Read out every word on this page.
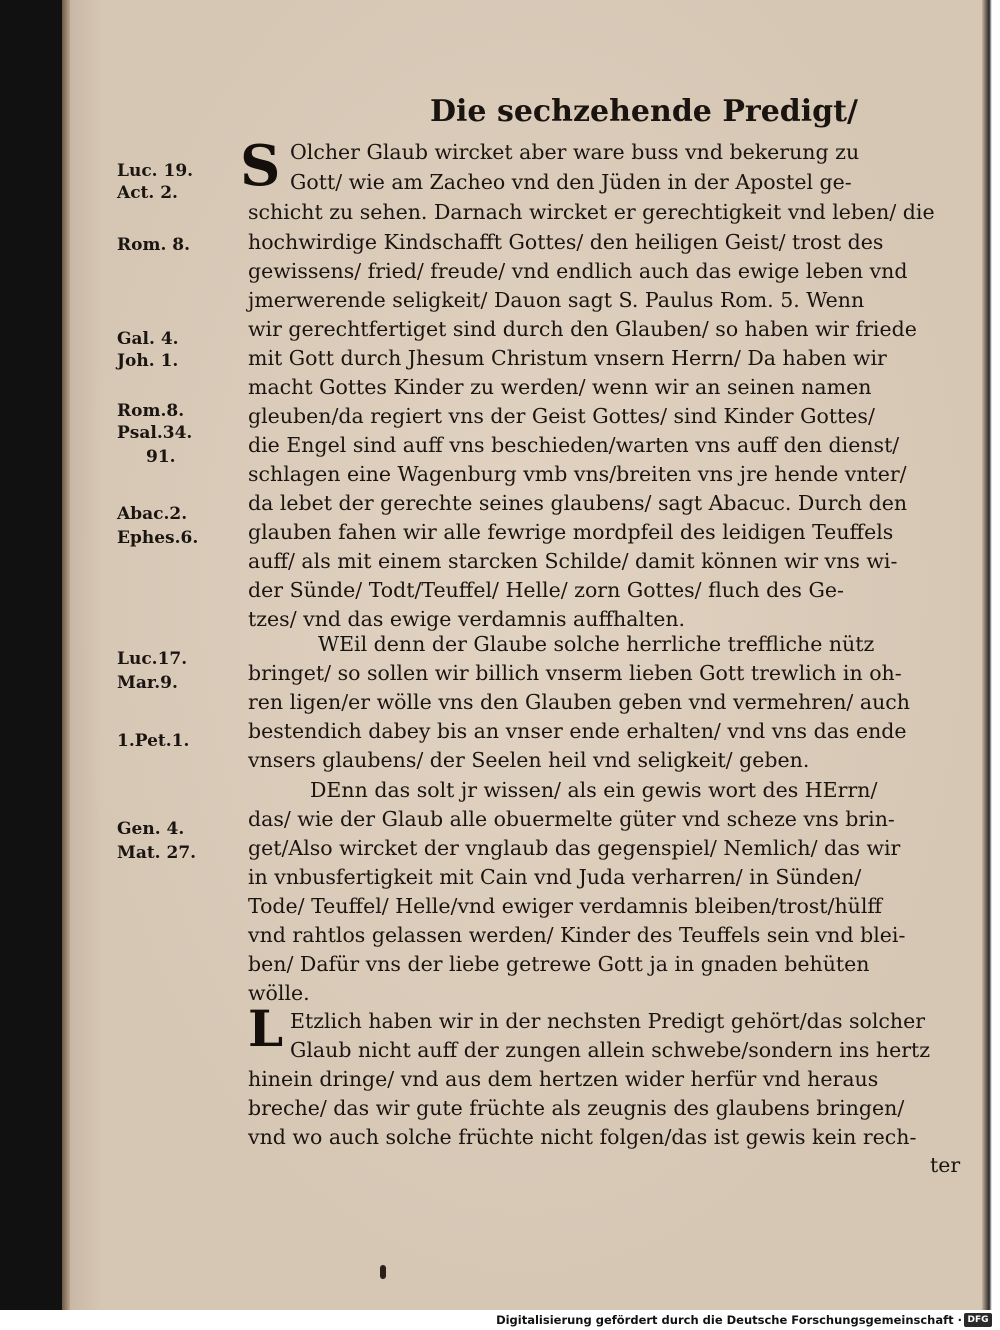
Die sechzehende Predigt/
Luc. 19.
Act. 2.
Rom. 8.
Gal. 4.
Joh. 1.
Rom.8.
Psal.34.
91.
Abac.2.
Ephes.6.
Luc.17.
Mar.9.
1.Pet.1.
Gen. 4.
Mat. 27.
S Olcher Glaub wircket aber ware buss vnd bekerung zu
Gott/ wie am Zacheo vnd den Jüden in der Apostel ge-
schicht zu sehen. Darnach wircket er gerechtigkeit vnd leben/ die
hochwirdige Kindschafft Gottes/ den heiligen Geist/ trost des
gewissens/ fried/ freude/ vnd endlich auch das ewige leben vnd
jmerwerende seligkeit/ Dauon sagt S. Paulus Rom. 5. Wenn
wir gerechtfertiget sind durch den Glauben/ so haben wir friede
mit Gott durch Jhesum Christum vnsern Herrn/ Da haben wir
macht Gottes Kinder zu werden/ wenn wir an seinen namen
gleuben/da regiert vns der Geist Gottes/ sind Kinder Gottes/
die Engel sind auff vns beschieden/warten vns auff den dienst/
schlagen eine Wagenburg vmb vns/breiten vns jre hende vnter/
da lebet der gerechte seines glaubens/ sagt Abacuc. Durch den
glauben fahen wir alle fewrige mordpfeil des leidigen Teuffels
auff/ als mit einem starcken Schilde/ damit können wir vns wi-
der Sünde/ Todt/Teuffel/ Helle/ zorn Gottes/ fluch des Ge-
tzes/ vnd das ewige verdamnis auffhalten.
WEil denn der Glaube solche herrliche treffliche nütz
bringet/ so sollen wir billich vnserm lieben Gott trewlich in oh-
ren ligen/er wölle vns den Glauben geben vnd vermehren/ auch
bestendich dabey bis an vnser ende erhalten/ vnd vns das ende
vnsers glaubens/ der Seelen heil vnd seligkeit/ geben.
DEnn das solt jr wissen/ als ein gewis wort des HErrn/
das/ wie der Glaub alle obuermelte güter vnd scheze vns brin-
get/Also wircket der vnglaub das gegenspiel/ Nemlich/ das wir
in vnbusfertigkeit mit Cain vnd Juda verharren/ in Sünden/
Tode/ Teuffel/ Helle/vnd ewiger verdamnis bleiben/trost/hülff
vnd rahtlos gelassen werden/ Kinder des Teuffels sein vnd blei-
ben/ Dafür vns der liebe getrewe Gott ja in gnaden behüten
wölle.
L Etzlich haben wir in der nechsten Predigt gehört/das solcher
Glaub nicht auff der zungen allein schwebe/sondern ins hertz
hinein dringe/ vnd aus dem hertzen wider herfür vnd heraus
breche/ das wir gute früchte als zeugnis des glaubens bringen/
vnd wo auch solche früchte nicht folgen/das ist gewis kein rech-
ter
Digitalisierung gefördert durch die Deutsche Forschungsgemeinschaft · DFG
